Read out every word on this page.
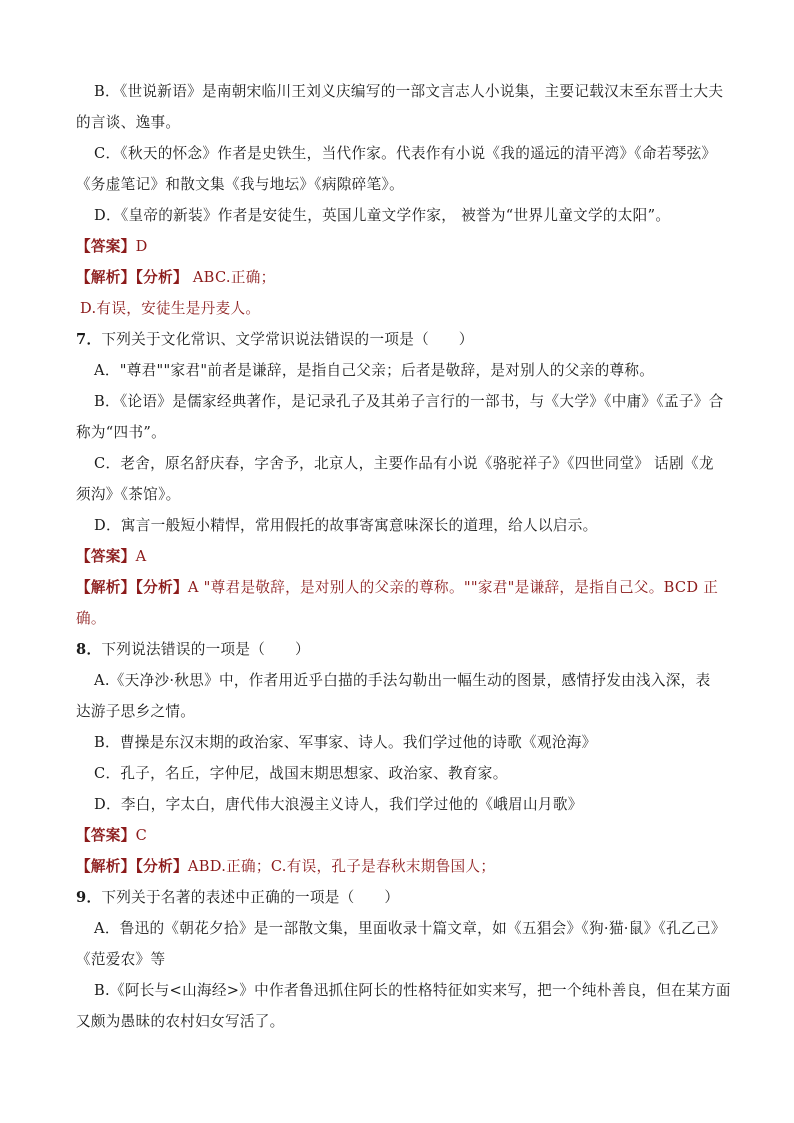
B．《世说新语》是南朝宋临川王刘义庆编写的一部文言志人小说集，主要记载汉末至东晋士大夫
的言谈、逸事。
C．《秋天的怀念》作者是史铁生，当代作家。代表作有小说《我的遥远的清平湾》《命若琴弦》
《务虚笔记》和散文集《我与地坛》《病隙碎笔》。
D．《皇帝的新装》作者是安徒生，英国儿童文学作家， 被誉为“世界儿童文学的太阳”。
【答案】D
【解析】【分析】 ABC.正确；
D.有误，安徒生是丹麦人。
7．下列关于文化常识、文学常识说法错误的一项是（　　）
A．"尊君""家君"前者是谦辞，是指自己父亲；后者是敬辞，是对别人的父亲的尊称。
B．《论语》是儒家经典著作，是记录孔子及其弟子言行的一部书，与《大学》《中庸》《孟子》合
称为“四书”。
C．老舍，原名舒庆春，字舍予，北京人，主要作品有小说《骆驼祥子》《四世同堂》 话剧《龙
须沟》《茶馆》。
D．寓言一般短小精悍，常用假托的故事寄寓意味深长的道理，给人以启示。
【答案】A
【解析】【分析】A "尊君是敬辞，是对别人的父亲的尊称。""家君"是谦辞，是指自己父。BCD 正
确。
8．下列说法错误的一项是（　　）
A.《天净沙·秋思》中，作者用近乎白描的手法勾勒出一幅生动的图景，感情抒发由浅入深，表
达游子思乡之情。
B．曹操是东汉末期的政治家、军事家、诗人。我们学过他的诗歌《观沧海》
C．孔子，名丘，字仲尼，战国末期思想家、政治家、教育家。
D．李白，字太白，唐代伟大浪漫主义诗人，我们学过他的《峨眉山月歌》
【答案】C
【解析】【分析】ABD.正确；C.有误，孔子是春秋末期鲁国人；
9．下列关于名著的表述中正确的一项是（　　）
A．鲁迅的《朝花夕拾》是一部散文集，里面收录十篇文章，如《五猖会》《狗·猫·鼠》《孔乙己》
《范爱农》等
B.《阿长与<山海经>》中作者鲁迅抓住阿长的性格特征如实来写，把一个纯朴善良，但在某方面
又颇为愚昧的农村妇女写活了。
